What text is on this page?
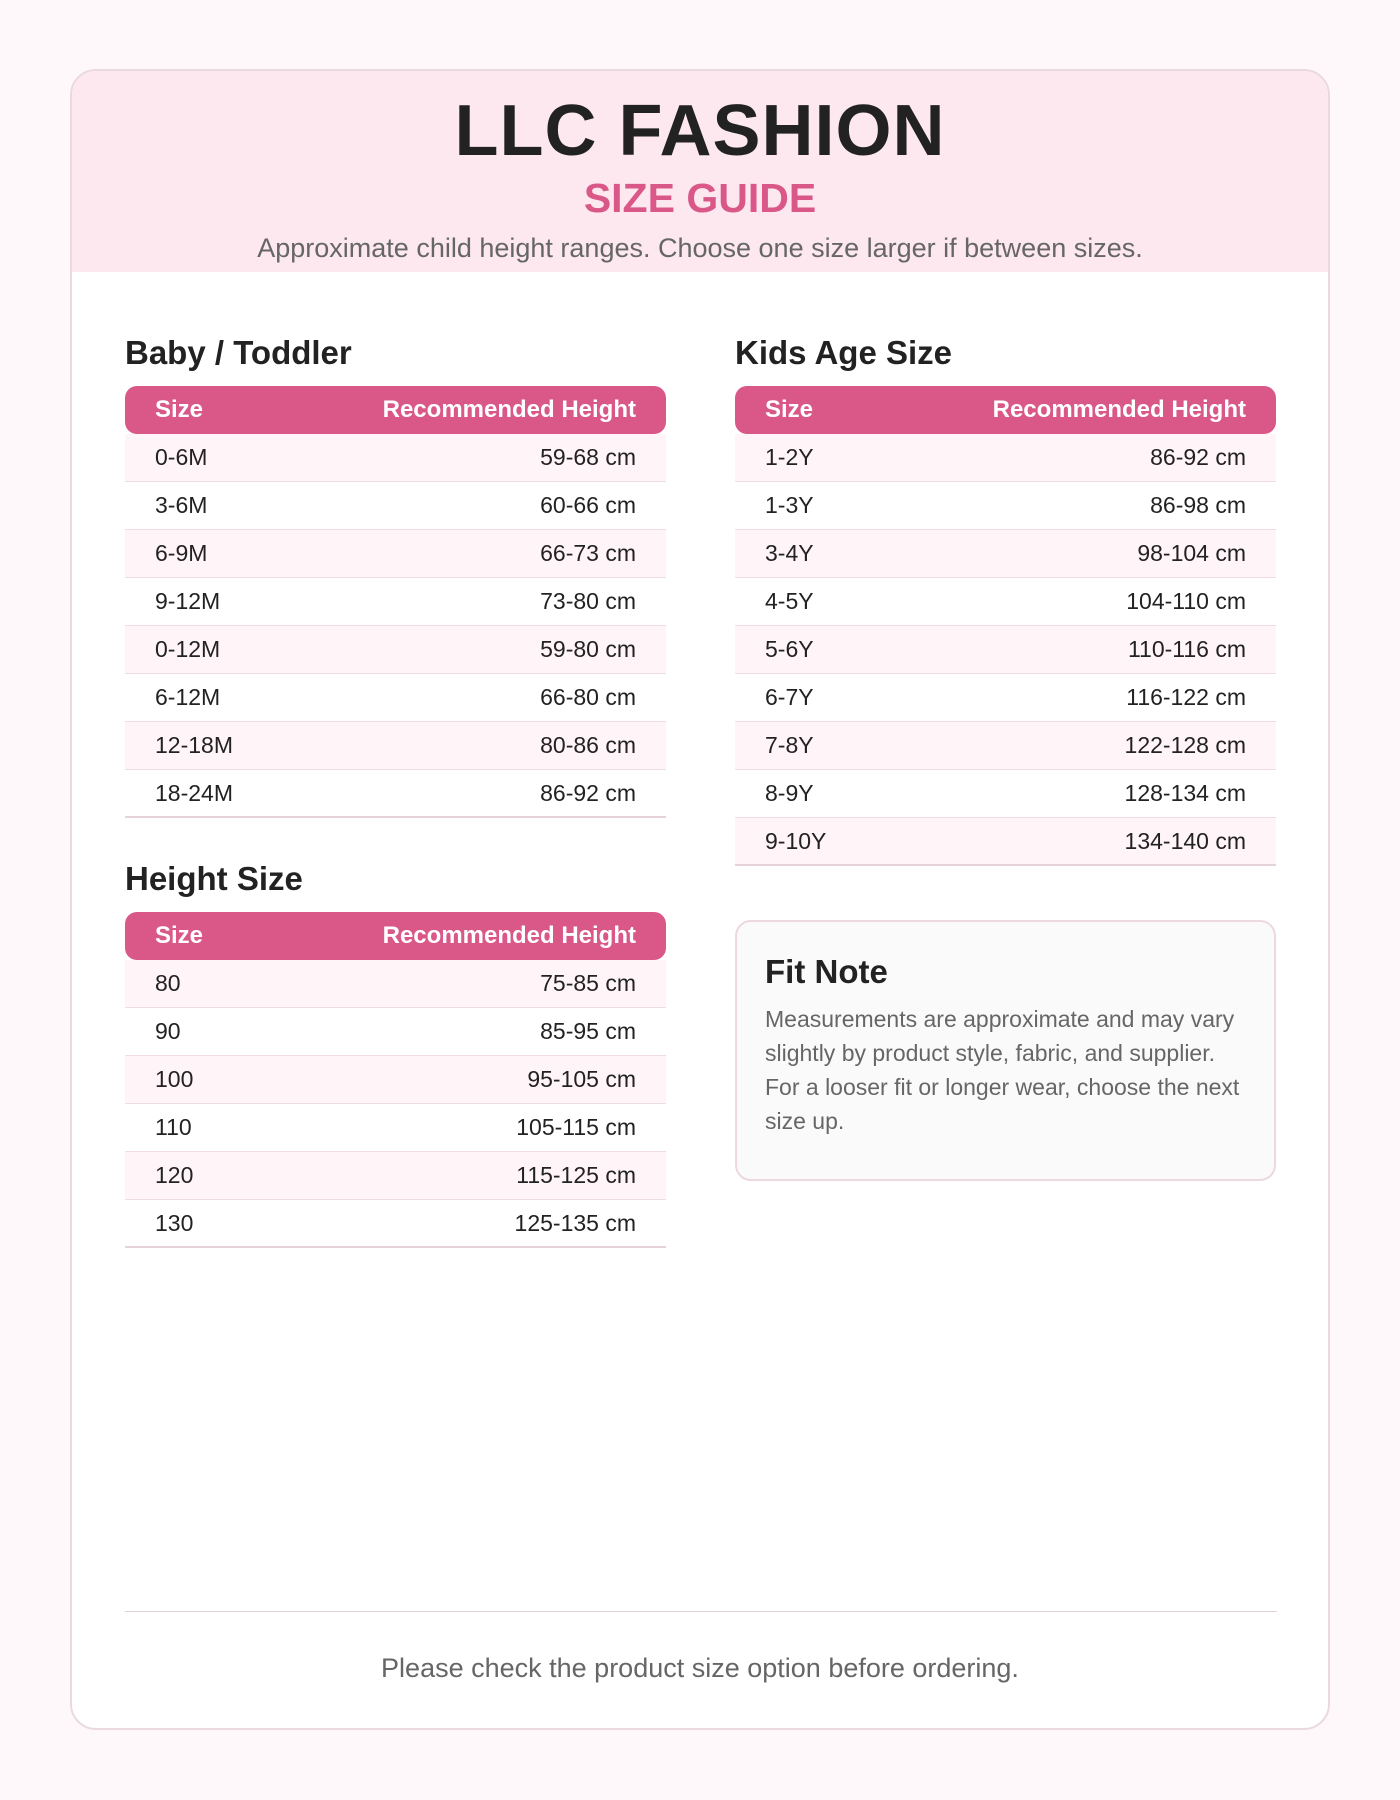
LLC FASHION
SIZE GUIDE
Approximate child height ranges. Choose one size larger if between sizes.
Baby / Toddler
Size	Recommended Height
0-6M	59-68 cm
3-6M	60-66 cm
6-9M	66-73 cm
9-12M	73-80 cm
0-12M	59-80 cm
6-12M	66-80 cm
12-18M	80-86 cm
18-24M	86-92 cm
Height Size
Size	Recommended Height
80	75-85 cm
90	85-95 cm
100	95-105 cm
110	105-115 cm
120	115-125 cm
130	125-135 cm
Kids Age Size
Size	Recommended Height
1-2Y	86-92 cm
1-3Y	86-98 cm
3-4Y	98-104 cm
4-5Y	104-110 cm
5-6Y	110-116 cm
6-7Y	116-122 cm
7-8Y	122-128 cm
8-9Y	128-134 cm
9-10Y	134-140 cm
Fit Note
Measurements are approximate and may vary slightly by product style, fabric, and supplier. For a looser fit or longer wear, choose the next size up.
Please check the product size option before ordering.
